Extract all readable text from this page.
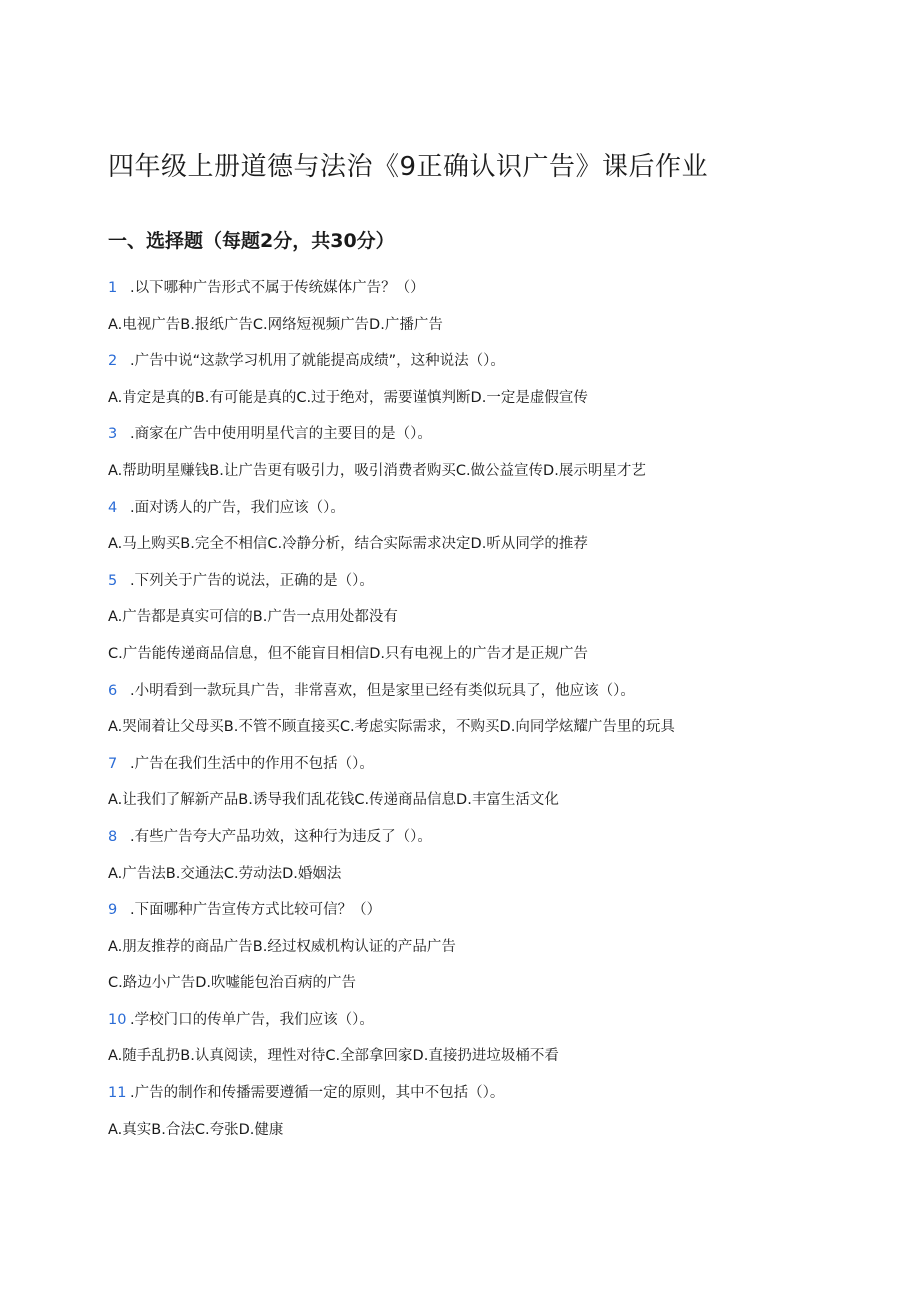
四年级上册道德与法治《9正确认识广告》课后作业
一、选择题（每题2分，共30分）
1 .以下哪种广告形式不属于传统媒体广告？（）
A.电视广告B.报纸广告C.网络短视频广告D.广播广告
2 .广告中说“这款学习机用了就能提高成绩”，这种说法（）。
A.肯定是真的B.有可能是真的C.过于绝对，需要谨慎判断D.一定是虚假宣传
3 .商家在广告中使用明星代言的主要目的是（）。
A.帮助明星赚钱B.让广告更有吸引力，吸引消费者购买C.做公益宣传D.展示明星才艺
4 .面对诱人的广告，我们应该（）。
A.马上购买B.完全不相信C.冷静分析，结合实际需求决定D.听从同学的推荐
5 .下列关于广告的说法，正确的是（）。
A.广告都是真实可信的B.广告一点用处都没有
C.广告能传递商品信息，但不能盲目相信D.只有电视上的广告才是正规广告
6 .小明看到一款玩具广告，非常喜欢，但是家里已经有类似玩具了，他应该（）。
A.哭闹着让父母买B.不管不顾直接买C.考虑实际需求，不购买D.向同学炫耀广告里的玩具
7 .广告在我们生活中的作用不包括（）。
A.让我们了解新产品B.诱导我们乱花钱C.传递商品信息D.丰富生活文化
8 .有些广告夸大产品功效，这种行为违反了（）。
A.广告法B.交通法C.劳动法D.婚姻法
9 .下面哪种广告宣传方式比较可信？（）
A.朋友推荐的商品广告B.经过权威机构认证的产品广告
C.路边小广告D.吹嘘能包治百病的广告
10 .学校门口的传单广告，我们应该（）。
A.随手乱扔B.认真阅读，理性对待C.全部拿回家D.直接扔进垃圾桶不看
11 .广告的制作和传播需要遵循一定的原则，其中不包括（）。
A.真实B.合法C.夸张D.健康
